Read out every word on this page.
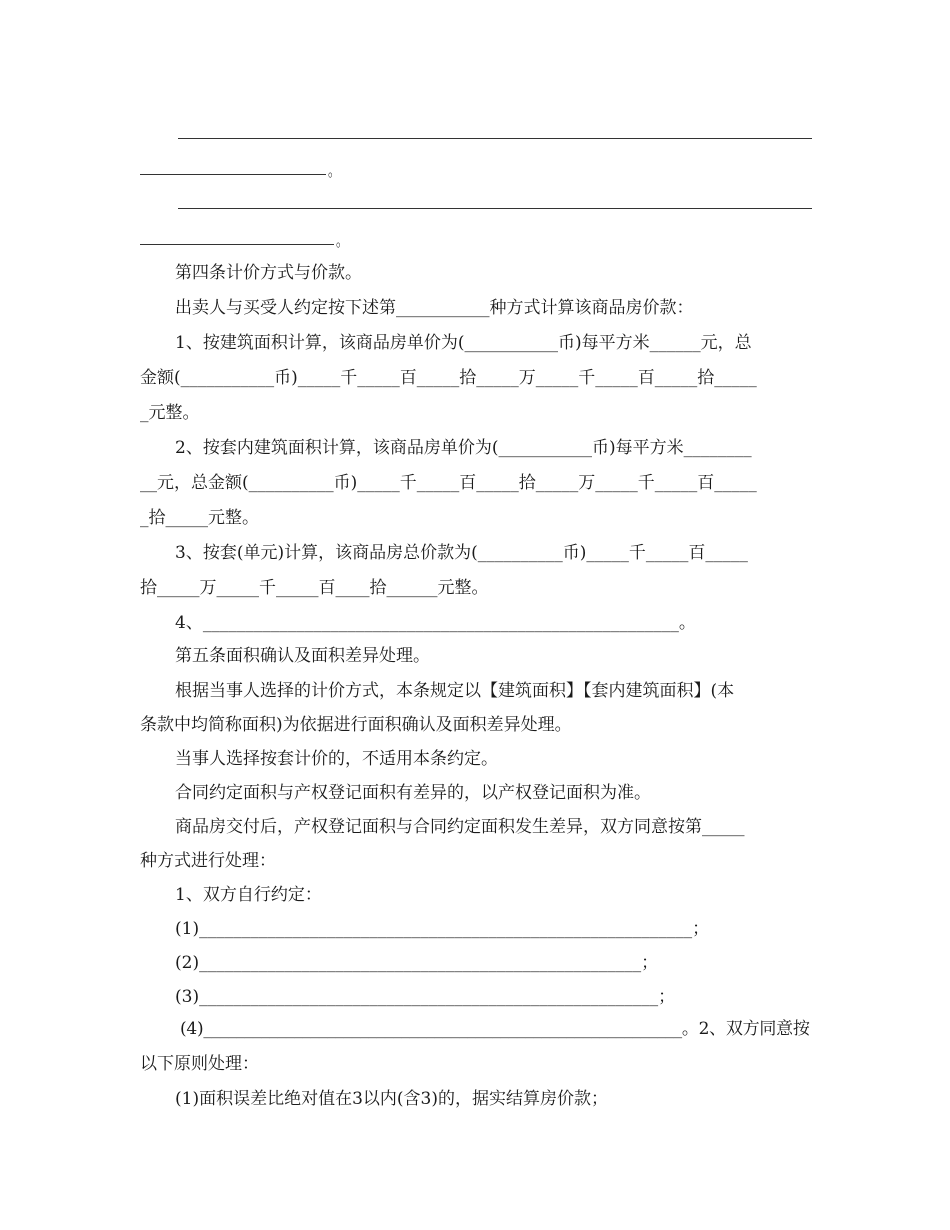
。
。
第四条计价方式与价款。
出卖人与买受人约定按下述第___________种方式计算该商品房价款：
1、按建筑面积计算，该商品房单价为(___________币)每平方米______元，总
金额(___________币)_____千_____百_____拾_____万_____千_____百_____拾_____
_元整。
2、按套内建筑面积计算，该商品房单价为(___________币)每平方米________
__元，总金额(__________币)_____千_____百_____拾_____万_____千_____百_____
_拾_____元整。
3、按套(单元)计算，该商品房总价款为(__________币)_____千_____百_____
拾_____万_____千_____百____拾______元整。
4、________________________________________________________。
第五条面积确认及面积差异处理。
根据当事人选择的计价方式，本条规定以【建筑面积】【套内建筑面积】(本
条款中均简称面积)为依据进行面积确认及面积差异处理。
当事人选择按套计价的，不适用本条约定。
合同约定面积与产权登记面积有差异的，以产权登记面积为准。
商品房交付后，产权登记面积与合同约定面积发生差异，双方同意按第_____
种方式进行处理：
1、双方自行约定：
(1)__________________________________________________________；
(2)____________________________________________________；
(3)______________________________________________________；
(4)__________________________________________________________。2、双方同意按
以下原则处理：
(1)面积误差比绝对值在3以内(含3)的，据实结算房价款；
